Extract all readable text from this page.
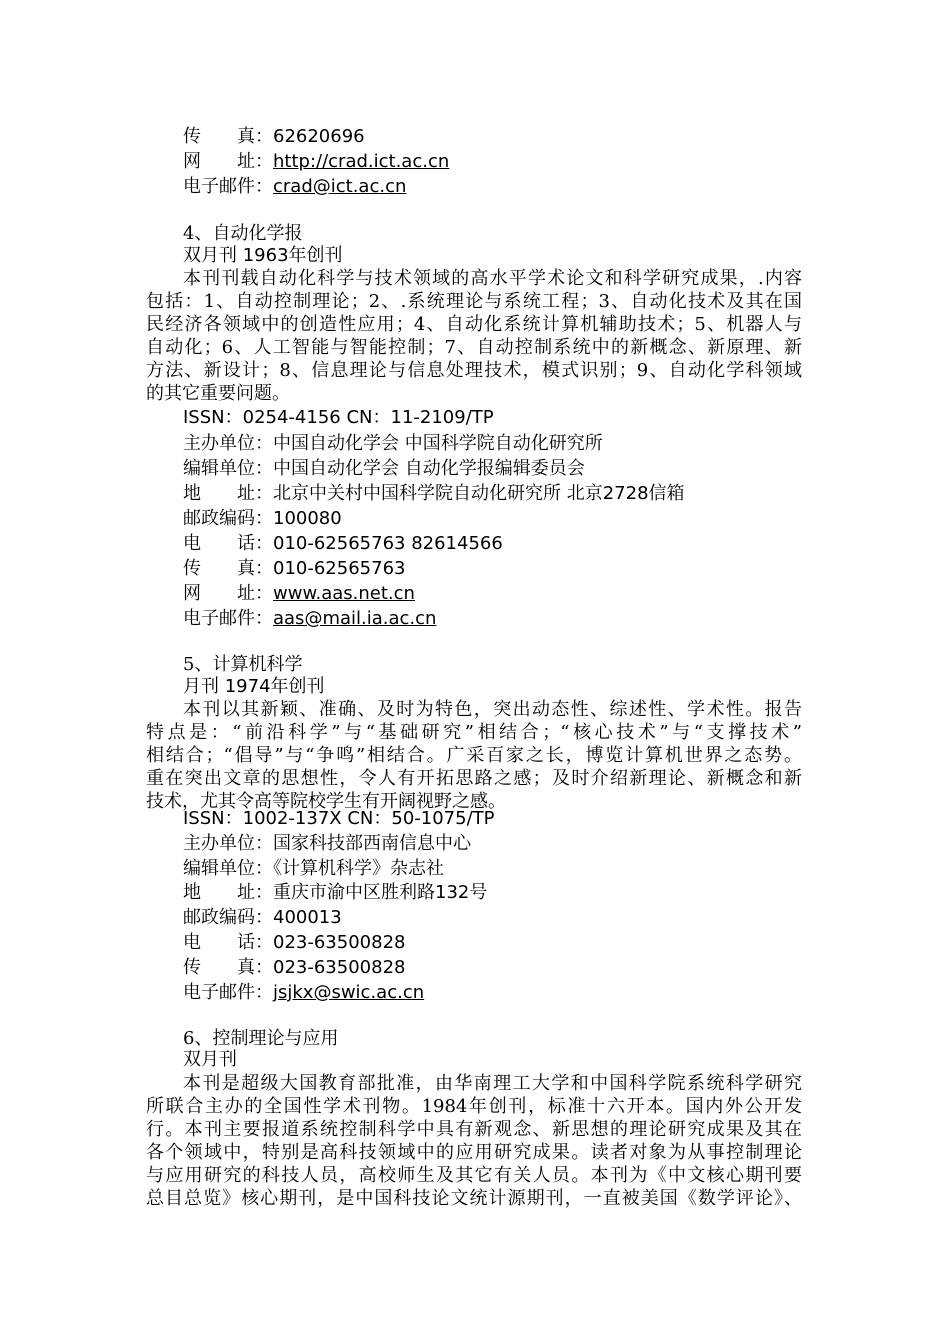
传　　真：62620696
网　　址：http://crad.ict.ac.cn
电子邮件：crad@ict.ac.cn
4、自动化学报
双月刊 1963年创刊
本刊刊载自动化科学与技术领域的高水平学术论文和科学研究成果，.内容
包括：1、自动控制理论；2、.系统理论与系统工程；3、自动化技术及其在国
民经济各领域中的创造性应用；4、自动化系统计算机辅助技术；5、机器人与
自动化；6、人工智能与智能控制；7、自动控制系统中的新概念、新原理、新
方法、新设计；8、信息理论与信息处理技术，模式识别；9、自动化学科领域
的其它重要问题。
ISSN：0254-4156 CN：11-2109/TP
主办单位：中国自动化学会 中国科学院自动化研究所
编辑单位：中国自动化学会 自动化学报编辑委员会
地　　址：北京中关村中国科学院自动化研究所 北京2728信箱
邮政编码：100080
电　　话：010-62565763 82614566
传　　真：010-62565763
网　　址：www.aas.net.cn
电子邮件：aas@mail.ia.ac.cn
5、计算机科学
月刊 1974年创刊
本刊以其新颖、准确、及时为特色，突出动态性、综述性、学术性。报告
特点是：“前沿科学”与“基础研究”相结合；“核心技术”与“支撑技术”
相结合；“倡导”与“争鸣”相结合。广采百家之长，博览计算机世界之态势。
重在突出文章的思想性，令人有开拓思路之感；及时介绍新理论、新概念和新
技术，尤其令高等院校学生有开阔视野之感。
ISSN：1002-137X CN：50-1075/TP
主办单位：国家科技部西南信息中心
编辑单位：《计算机科学》杂志社
地　　址：重庆市渝中区胜利路132号
邮政编码：400013
电　　话：023-63500828
传　　真：023-63500828
电子邮件：jsjkx@swic.ac.cn
6、控制理论与应用
双月刊
本刊是超级大国教育部批准，由华南理工大学和中国科学院系统科学研究
所联合主办的全国性学术刊物。1984年创刊，标准十六开本。国内外公开发
行。本刊主要报道系统控制科学中具有新观念、新思想的理论研究成果及其在
各个领域中，特别是高科技领域中的应用研究成果。读者对象为从事控制理论
与应用研究的科技人员，高校师生及其它有关人员。本刊为《中文核心期刊要
总目总览》核心期刊，是中国科技论文统计源期刊，一直被美国《数学评论》、
